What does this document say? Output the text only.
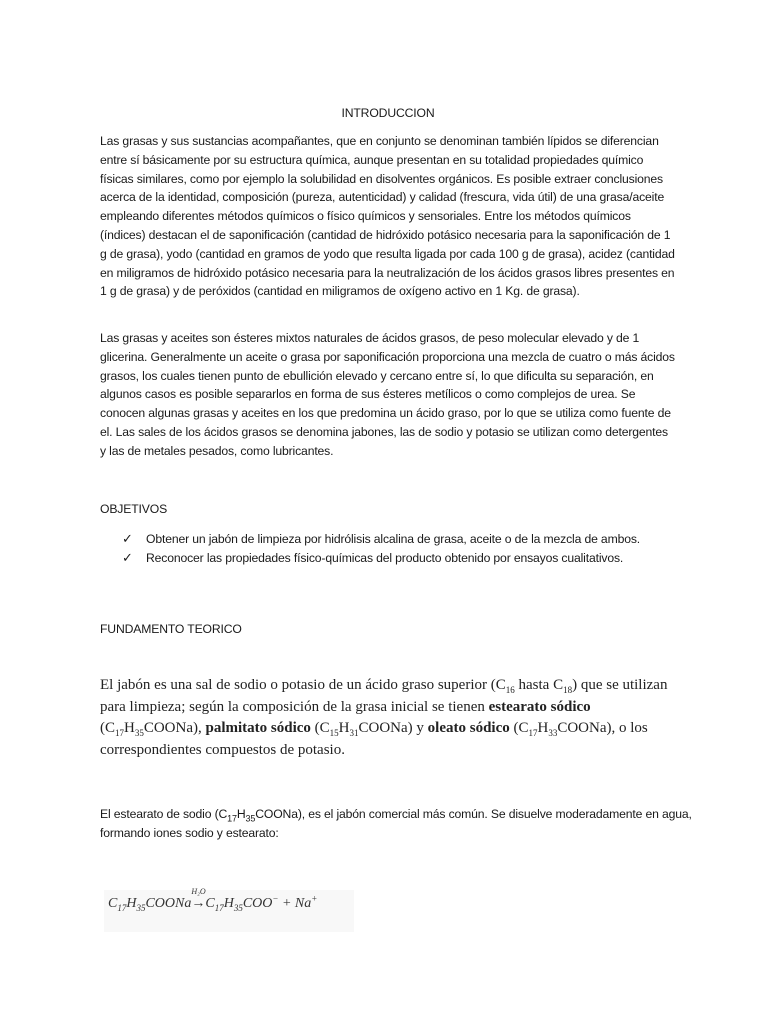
INTRODUCCION

Las grasas y sus sustancias acompañantes, que en conjunto se denominan también lípidos se diferencian entre sí básicamente por su estructura química, aunque presentan en su totalidad propiedades químico físicas similares, como por ejemplo la solubilidad en disolventes orgánicos. Es posible extraer conclusiones acerca de la identidad, composición (pureza, autenticidad) y calidad (frescura, vida útil) de una grasa/aceite empleando diferentes métodos químicos o físico químicos y sensoriales. Entre los métodos químicos (índices) destacan el de saponificación (cantidad de hidróxido potásico necesaria para la saponificación de 1 g de grasa), yodo (cantidad en gramos de yodo que resulta ligada por cada 100 g de grasa), acidez (cantidad en miligramos de hidróxido potásico necesaria para la neutralización de los ácidos grasos libres presentes en 1 g de grasa) y de peróxidos (cantidad en miligramos de oxígeno activo en 1 Kg. de grasa).

Las grasas y aceites son ésteres mixtos naturales de ácidos grasos, de peso molecular elevado y de 1 glicerina. Generalmente un aceite o grasa por saponificación proporciona una mezcla de cuatro o más ácidos grasos, los cuales tienen punto de ebullición elevado y cercano entre sí, lo que dificulta su separación, en algunos casos es posible separarlos en forma de sus ésteres metílicos o como complejos de urea. Se conocen algunas grasas y aceites en los que predomina un ácido graso, por lo que se utiliza como fuente de el. Las sales de los ácidos grasos se denomina jabones, las de sodio y potasio se utilizan como detergentes y las de metales pesados, como lubricantes.

OBJETIVOS
✓ Obtener un jabón de limpieza por hidrólisis alcalina de grasa, aceite o de la mezcla de ambos.
✓ Reconocer las propiedades físico-químicas del producto obtenido por ensayos cualitativos.
FUNDAMENTO TEORICO

El jabón es una sal de sodio o potasio de un ácido graso superior ($C_{16}$ hasta $C_{18}$) que se utilizan para limpieza; según la composición de la grasa inicial se tienen estearato sódico $(C_{17}H_{35}COONa)$, palmitato sódico $(C_{15}H_{31}COONa)$ y oleato sódico $(C_{17}H_{33}COONa)$, o los correspondientes compuestos de potasio.

El estearato de sodio $(C_{17}H_{35}COONa)$, es el jabón comercial más común. Se disuelve moderadamente en agua, formando iones sodio y estearato:

$C_{17}H_{35}COONa$
H₂O
$\to C_{17}H_{35}COO^- + Na^+$
